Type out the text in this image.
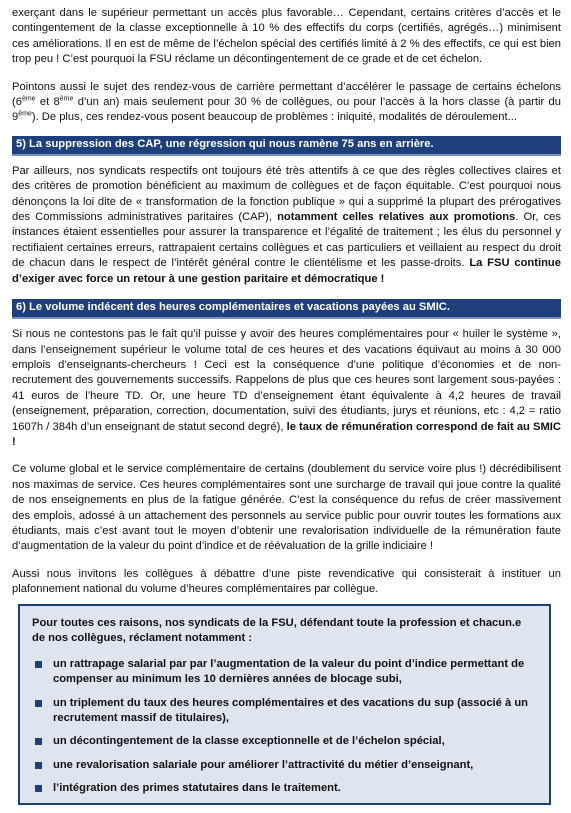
exerçant dans le supérieur permettant un accès plus favorable… Cependant, certains critères d’accès et le contingentement de la classe exceptionnelle à 10 % des effectifs du corps (certifiés, agrégés…) minimisent ces améliorations. Il en est de même de l’échelon spécial des certifiés limité à 2 % des effectifs, ce qui est bien trop peu ! C’est pourquoi la FSU réclame un décontingentement de ce grade et de cet échelon.

Pointons aussi le sujet des rendez-vous de carrière permettant d’accélérer le passage de certains échelons (6ème et 8ème d’un an) mais seulement pour 30 % de collègues, ou pour l’accès à la hors classe (à partir du 9ème). De plus, ces rendez-vous posent beaucoup de problèmes : iniquité, modalités de déroulement...

5) La suppression des CAP, une régression qui nous ramène 75 ans en arrière.

Par ailleurs, nos syndicats respectifs ont toujours été très attentifs à ce que des règles collectives claires et des critères de promotion bénéficient au maximum de collègues et de façon équitable. C’est pourquoi nous dénonçons la loi dite de « transformation de la fonction publique » qui a supprimé la plupart des prérogatives des Commissions administratives paritaires (CAP), notamment celles relatives aux promotions. Or, ces instances étaient essentielles pour assurer la transparence et l’égalité de traitement ; les élus du personnel y rectifiaient certaines erreurs, rattrapaient certains collègues et cas particuliers et veillaient au respect du droit de chacun dans le respect de l’intérêt général contre le clientélisme et les passe-droits. La FSU continue d’exiger avec force un retour à une gestion paritaire et démocratique !

6) Le volume indécent des heures complémentaires et vacations payées au SMIC.

Si nous ne contestons pas le fait qu’il puisse y avoir des heures complémentaires pour « huiler le système », dans l’enseignement supérieur le volume total de ces heures et des vacations équivaut au moins à 30 000 emplois d’enseignants-chercheurs ! Ceci est la conséquence d’une politique d’économies et de non-recrutement des gouvernements successifs. Rappelons de plus que ces heures sont largement sous-payées : 41 euros de l’heure TD. Or, une heure TD d’enseignement étant équivalente à 4,2 heures de travail (enseignement, préparation, correction, documentation, suivi des étudiants, jurys et réunions, etc : 4,2 = ratio 1607h / 384h d’un enseignant de statut second degré), le taux de rémunération correspond de fait au SMIC !

Ce volume global et le service complémentaire de certains (doublement du service voire plus !) décrédibilisent nos maximas de service. Ces heures complémentaires sont une surcharge de travail qui joue contre la qualité de nos enseignements en plus de la fatigue générée. C’est la conséquence du refus de créer massivement des emplois, adossé à un attachement des personnels au service public pour ouvrir toutes les formations aux étudiants, mais c’est avant tout le moyen d’obtenir une revalorisation individuelle de la rémunération faute d’augmentation de la valeur du point d’indice et de réévaluation de la grille indiciaire !

Aussi nous invitons les collègues à débattre d’une piste revendicative qui consisterait à instituer un plafonnement national du volume d’heures complémentaires par collègue.

Pour toutes ces raisons, nos syndicats de la FSU, défendant toute la profession et chacun.e de nos collègues, réclament notamment :

un rattrapage salarial par par l’augmentation de la valeur du point d’indice permettant de compenser au minimum les 10 dernières années de blocage subi,
un triplement du taux des heures complémentaires et des vacations du sup (associé à un recrutement massif de titulaires),
un décontingentement de la classe exceptionnelle et de l’échelon spécial,
une revalorisation salariale pour améliorer l’attractivité du métier d’enseignant,
l’intégration des primes statutaires dans le traitement.
